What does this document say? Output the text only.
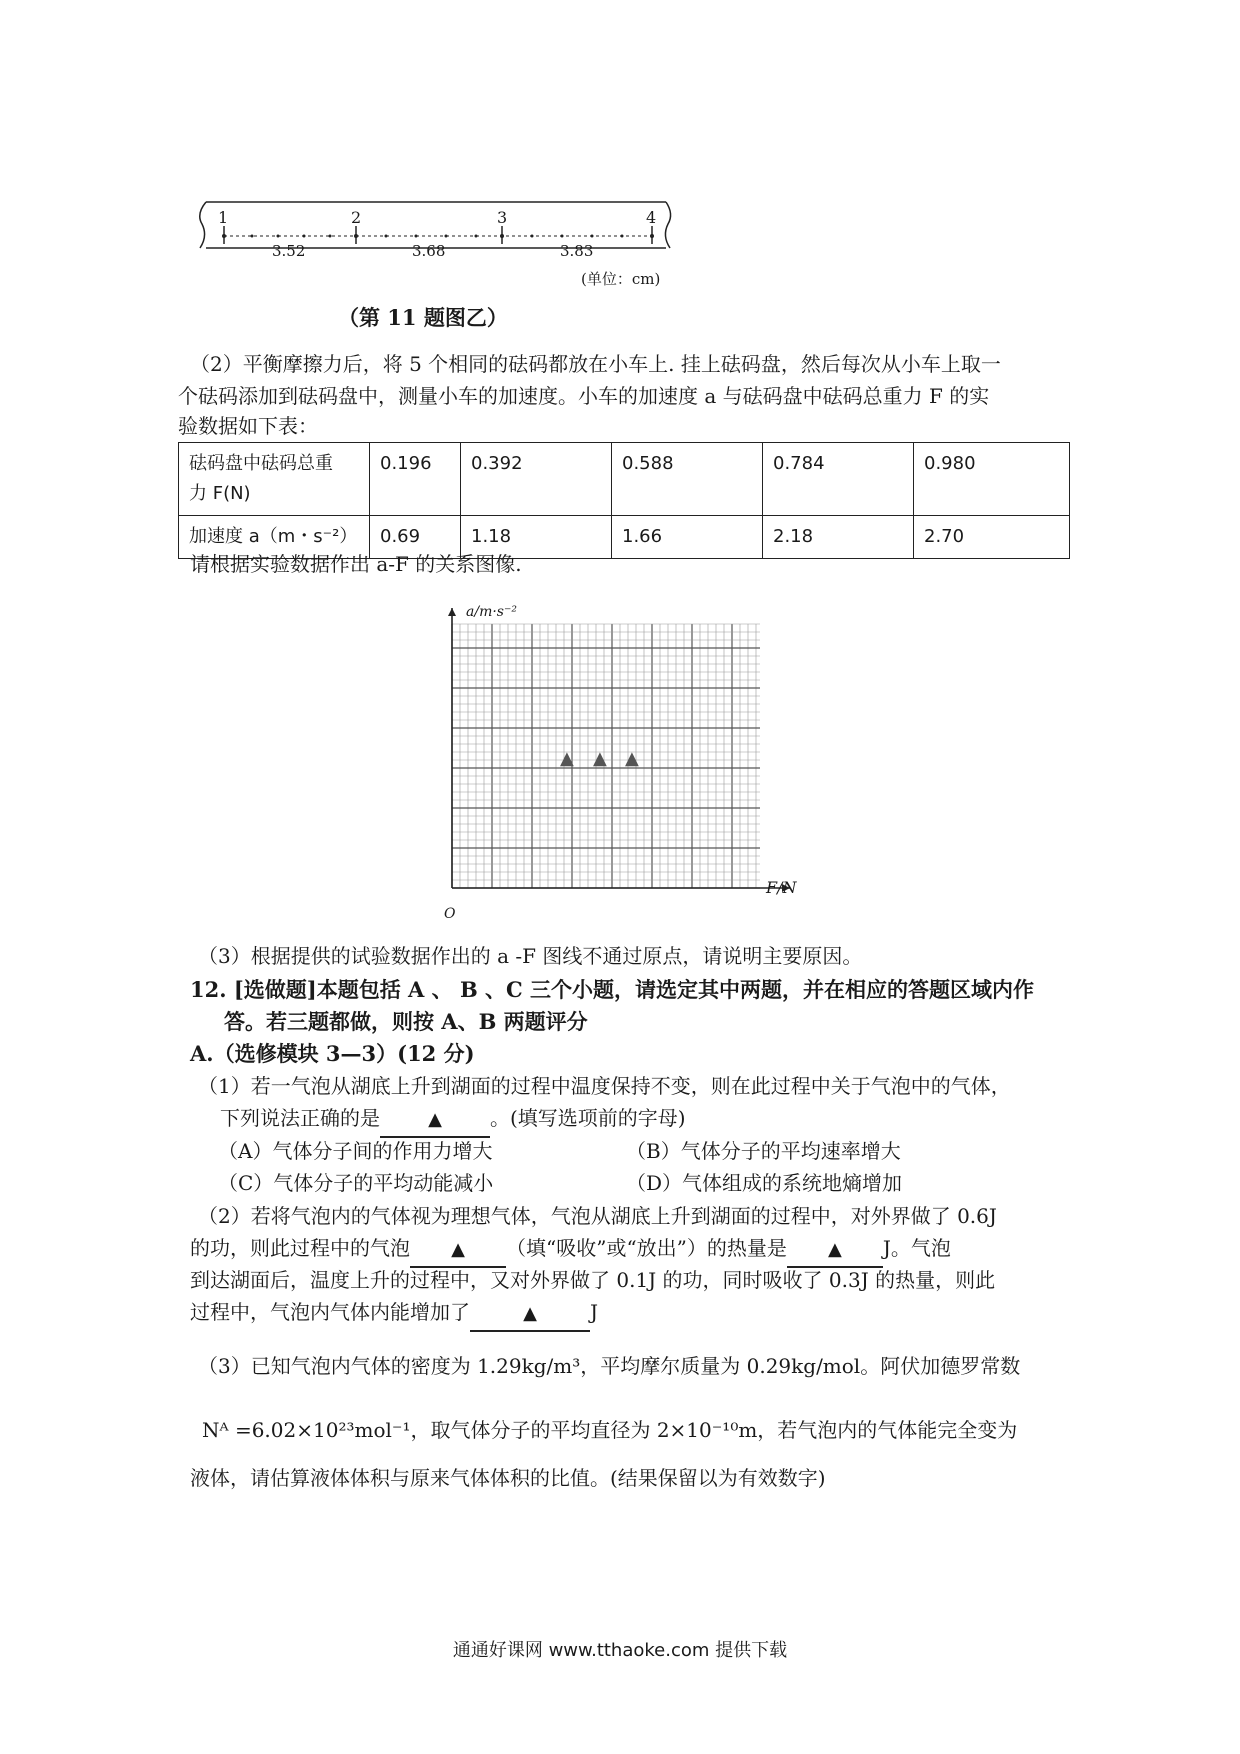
1	2	3	4
3.52	3.68	3.83
(单位：cm)
（第 11 题图乙）
（2）平衡摩擦力后，将 5 个相同的砝码都放在小车上. 挂上砝码盘，然后每次从小车上取一
个砝码添加到砝码盘中，测量小车的加速度。小车的加速度 a 与砝码盘中砝码总重力 F 的实
验数据如下表：
砝码盘中砝码总重
力 F(N)	0.196	0.392	0.588	0.784	0.980
加速度 a（m・s⁻²）	0.69	1.18	1.66	2.18	2.70
请根据实验数据作出 a-F 的关系图像.
a/m·s⁻²
F/N
O
▲ ▲ ▲
（3）根据提供的试验数据作出的 a -F 图线不通过原点，请说明主要原因。
12. [选做题]本题包括 A 、 B 、C 三个小题，请选定其中两题，并在相应的答题区域内作
答。若三题都做，则按 A、B 两题评分
A.（选修模块 3—3）(12 分)
（1）若一气泡从湖底上升到湖面的过程中温度保持不变，则在此过程中关于气泡中的气体，
下列说法正确的是	▲ 。(填写选项前的字母)
（A）气体分子间的作用力增大	（B）气体分子的平均速率增大
（C）气体分子的平均动能减小	（D）气体组成的系统地熵增加
（2）若将气泡内的气体视为理想气体，气泡从湖底上升到湖面的过程中，对外界做了 0.6J
的功，则此过程中的气泡 ▲ （填“吸收”或“放出”）的热量是 ▲ J。气泡
到达湖面后，温度上升的过程中，又对外界做了 0.1J 的功，同时吸收了 0.3J 的热量，则此
过程中，气泡内气体内能增加了	▲	J
（3）已知气泡内气体的密度为 1.29kg/m³，平均摩尔质量为 0.29kg/mol。阿伏加德罗常数
Nᴬ =6.02×10²³mol⁻¹，取气体分子的平均直径为 2×10⁻¹⁰m，若气泡内的气体能完全变为
液体，请估算液体体积与原来气体体积的比值。(结果保留以为有效数字)
通通好课网 www.tthaoke.com 提供下载
